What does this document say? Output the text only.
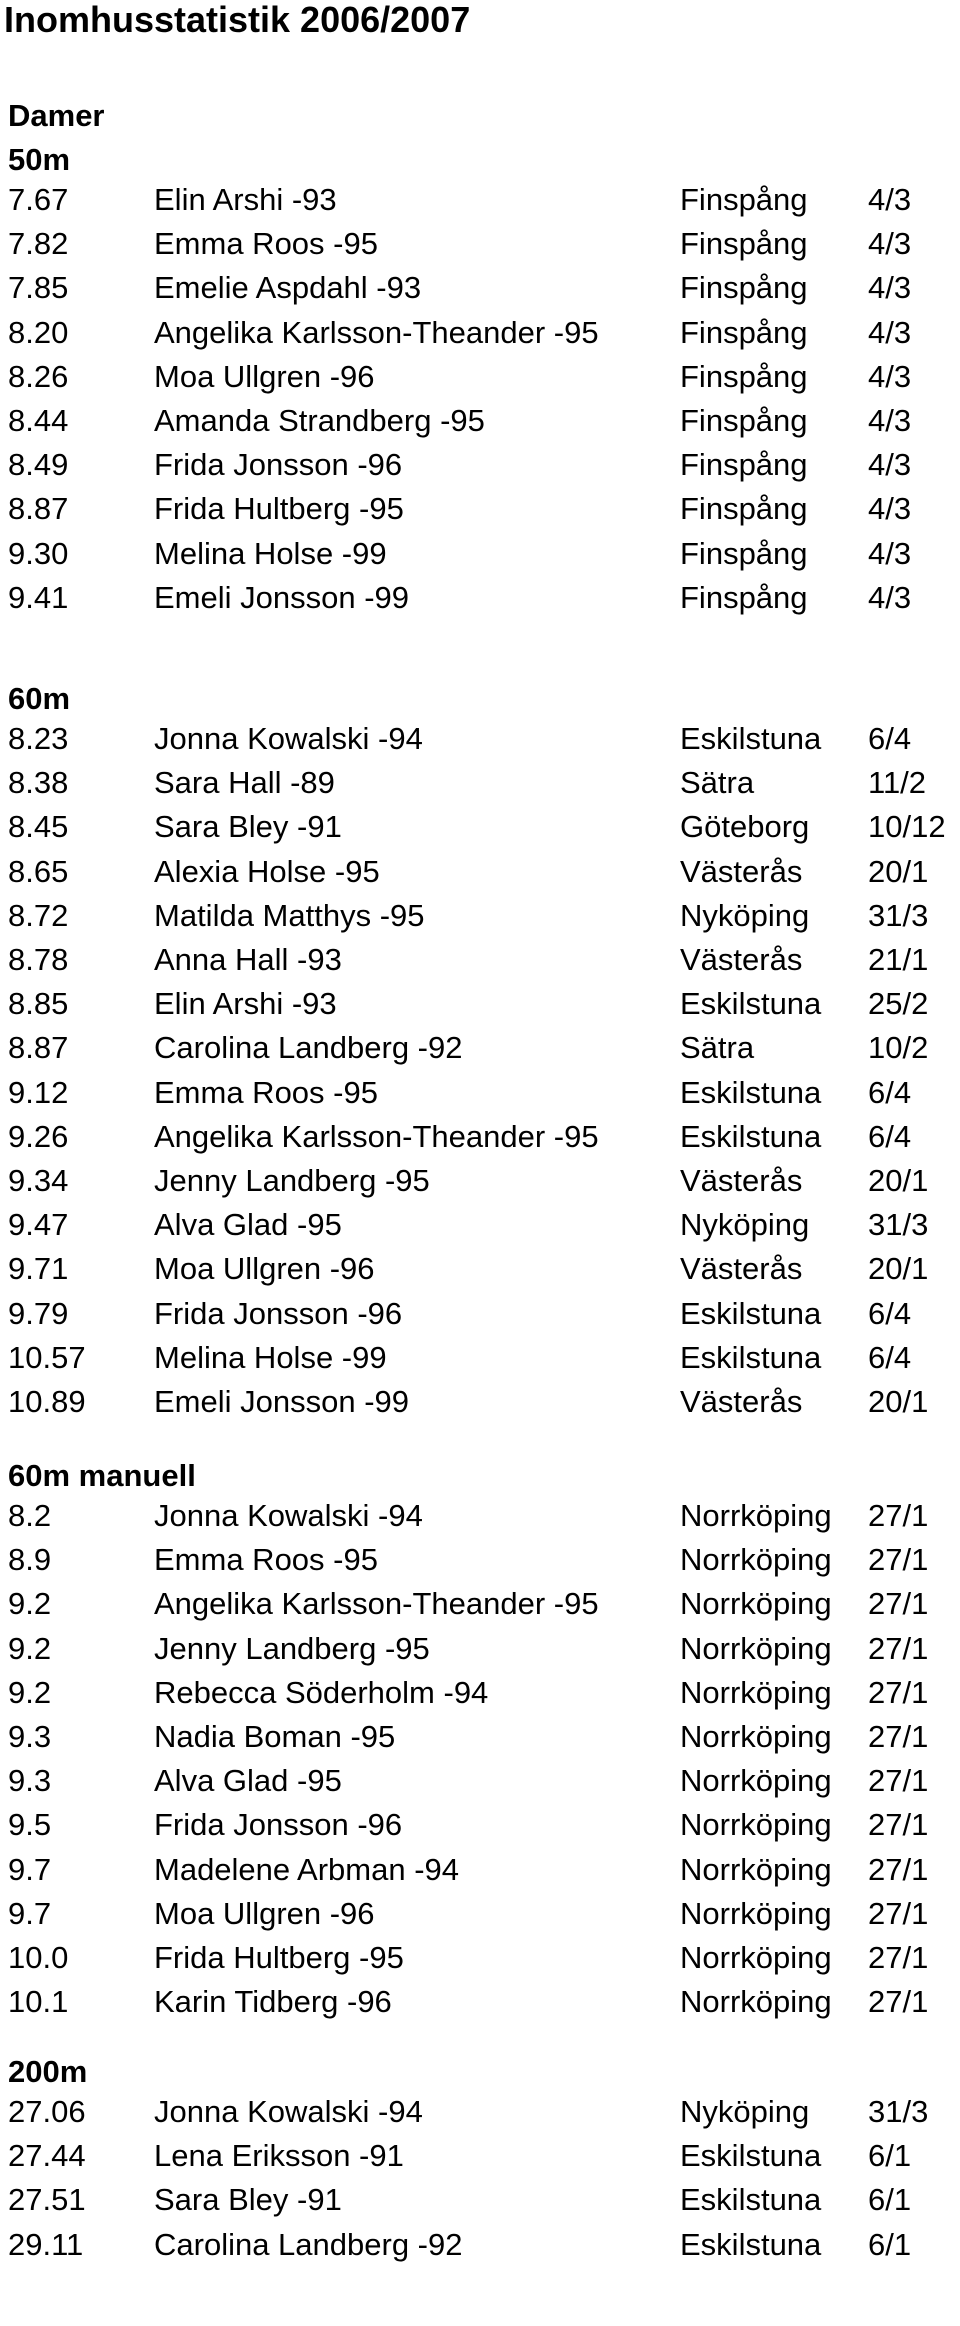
Inomhusstatistik 2006/2007
Damer
50m
7.67	Elin Arshi -93	Finspång 4/3
7.82	Emma Roos -95	Finspång 4/3
7.85	Emelie Aspdahl -93	Finspång 4/3
8.20	Angelika Karlsson-Theander -95	Finspång 4/3
8.26	Moa Ullgren -96	Finspång 4/3
8.44	Amanda Strandberg -95	Finspång 4/3
8.49	Frida Jonsson -96	Finspång 4/3
8.87	Frida Hultberg -95	Finspång 4/3
9.30	Melina Holse -99	Finspång 4/3
9.41	Emeli Jonsson -99	Finspång 4/3
60m
8.23	Jonna Kowalski -94	Eskilstuna 6/4
8.38	Sara Hall -89	Sätra	11/2
8.45	Sara Bley -91	Göteborg 10/12
8.65	Alexia Holse -95	Västerås 20/1
8.72	Matilda Matthys -95	Nyköping 31/3
8.78	Anna Hall -93	Västerås 21/1
8.85	Elin Arshi -93	Eskilstuna 25/2
8.87	Carolina Landberg -92	Sätra	10/2
9.12	Emma Roos -95	Eskilstuna 6/4
9.26	Angelika Karlsson-Theander -95	Eskilstuna 6/4
9.34	Jenny Landberg -95	Västerås 20/1
9.47	Alva Glad -95	Nyköping 31/3
9.71	Moa Ullgren -96	Västerås 20/1
9.79	Frida Jonsson -96	Eskilstuna 6/4
10.57 Melina Holse -99	Eskilstuna 6/4
10.89 Emeli Jonsson -99	Västerås 20/1
60m manuell
8.2	Jonna Kowalski -94	Norrköping 27/1
8.9	Emma Roos -95	Norrköping 27/1
9.2	Angelika Karlsson-Theander -95	Norrköping 27/1
9.2	Jenny Landberg -95	Norrköping 27/1
9.2	Rebecca Söderholm -94	Norrköping 27/1
9.3	Nadia Boman -95	Norrköping 27/1
9.3	Alva Glad -95	Norrköping 27/1
9.5	Frida Jonsson -96	Norrköping 27/1
9.7	Madelene Arbman -94	Norrköping 27/1
9.7	Moa Ullgren -96	Norrköping 27/1
10.0	Frida Hultberg -95	Norrköping 27/1
10.1	Karin Tidberg -96	Norrköping 27/1
200m
27.06 Jonna Kowalski -94	Nyköping 31/3
27.44 Lena Eriksson -91	Eskilstuna 6/1
27.51 Sara Bley -91	Eskilstuna 6/1
29.11 Carolina Landberg -92	Eskilstuna 6/1
